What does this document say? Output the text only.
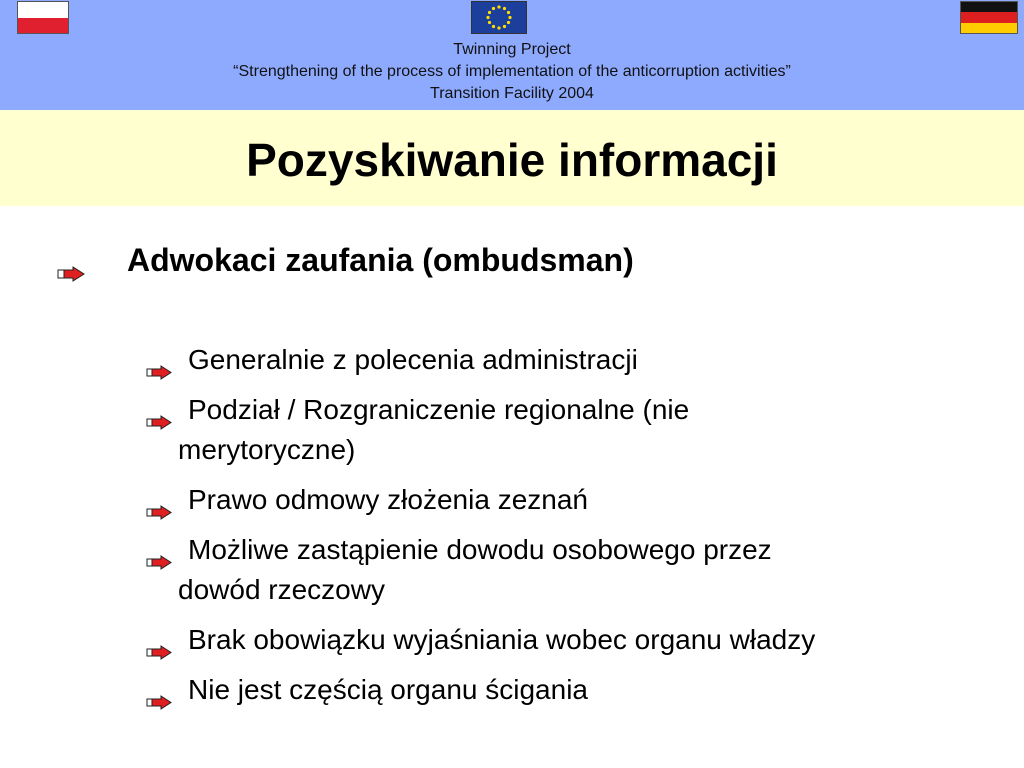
Twinning Project
“Strengthening of the process of implementation of the anticorruption activities”
Transition Facility 2004
Pozyskiwanie informacji
Adwokaci zaufania (ombudsman)
Generalnie z polecenia administracji
Podział / Rozgraniczenie regionalne (nie
merytoryczne)
Prawo odmowy złożenia zeznań
Możliwe zastąpienie dowodu osobowego przez
dowód rzeczowy
Brak obowiązku wyjaśniania wobec organu władzy
Nie jest częścią organu ścigania
